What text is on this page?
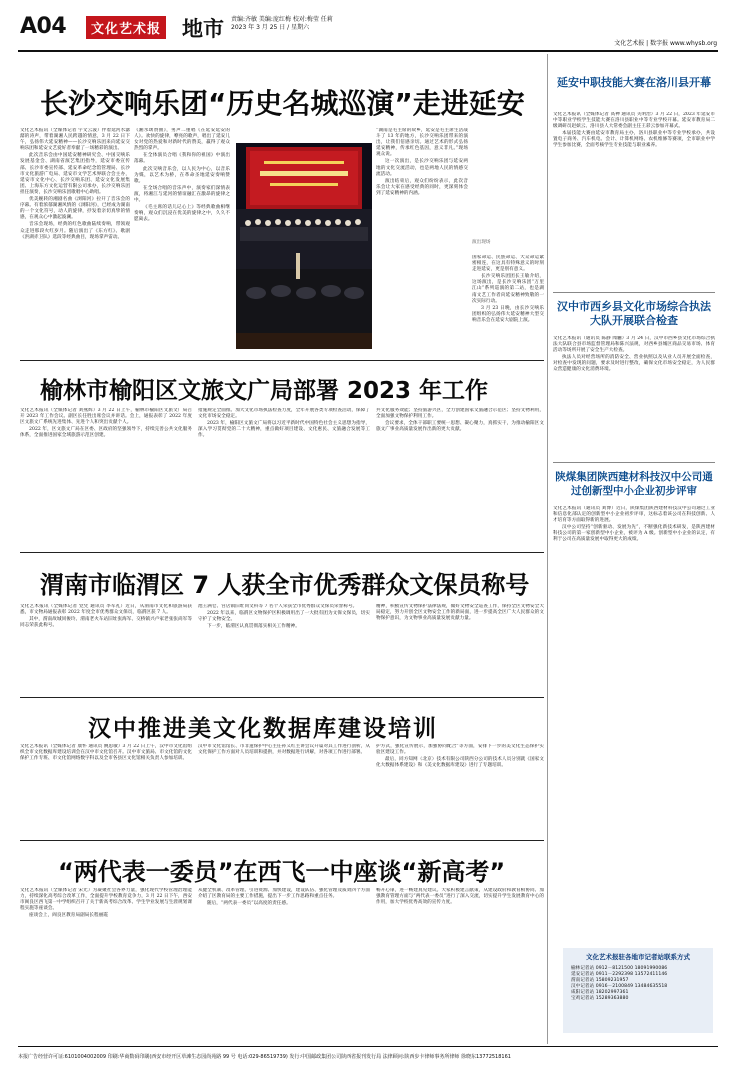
A04	文化艺术报 地市 责编:齐敏 美编:庞红梅 校对:梅莹 任莉
2023 年 3 月 25 日 / 星期六
文化艺术报 | 数字报 www.whysb.org
长沙交响乐团“历史名城巡演”走进延安

文化艺术报讯（全媒体记者 宇文云波）伴着延河水潺潺的涛声，带着湖湘人民跨越的情意，3 月 22 日下午，弘扬伟大延安精神——长沙交响乐团来向延安交响乐团和延安文艺爱好者奉献了一场精彩的演出。

此次音乐会由中国延安精神研究会、中国交响乐发展基金会、湖南省演艺集团指导，延安市委宣传部、长沙市委宣传部、延安革命纪念馆管理局、长沙市文化旅游广电局、延安市文学艺术界联合会主办，延安市文化中心、长沙交响乐团、延安文化发展集团、上海东方文化运营有限公司承办，长沙交响乐团担任演奏，长沙交响乐团歌唱中心助唱。

优美婉转的湘剧名曲《浏阳河》拉开了音乐会的序幕。有着浓郁湖湘风情的《浏阳河》，已经成为湖南的一个文化符号，动人的旋律，抒发着亲切真挚的情感，在观众心中激起波澜。

音乐会现场，经典的红色歌曲陆续奏响，带领观众走进那段火红岁月。随后演出了《东方红》、歌剧《洪湖赤卫队》选段等经典曲目，现场掌声雷动。

《湘水颂赞曲》，男声二重唱《在延安延安的人》。欢快的旋律，嘹亮的歌声，唱出了延安儿女对党的热爱和对新时代的赞美，赢得了观众热烈的掌声。

在全体演员合唱《我和你的祖国》中演出落幕。

此次交响音乐会，以人民为中心，以音乐为媒，以艺术为桥，在革命圣地延安奏响赞歌。

在全场合唱的音乐声中，演奏家们深情表演，将湘江与延河的情谊融汇在激昂的旋律之中。

《毛主席的话儿记心上》等经典歌曲相继奏响，观众们沉浸在优美的旋律之中，久久不愿离去。

“湖南是毛主席的故乡，延安是毛主席生活战斗了 13 年的地方，长沙交响乐团带来的演出，让我们倍感亲切。通过艺术的形式弘扬延安精神，传承红色基因，意义非凡。”现场观众说。

这一次演出，是长沙交响乐团与延安两地的文化交流活动，也是两地人民的情感交流活动。

演出结束后，观众们纷纷表示，此次音乐会让大家在感受经典的同时，更深刻体会到了延安精神的内涵。

国家命运、民族命运、大众命运紧密相连，在这具有特殊意义的时刻走进延安，更是别有意义。

长沙交响乐团团长王敏介绍，这场演出，是长沙交响乐团“万里江山”系列巡演的第二站，也是湖南文艺工作者向延安精神致敬的一次实际行动。

3 月 23 日晚，由长沙交响乐团组织的弘扬伟大延安精神大型交响音乐会在延安大剧院上演。

演出现场
榆林市榆阳区文旅文广局部署 2023 年工作

文化艺术报讯（全媒体记者 刘燕辉）3 月 22 日上午，榆林市榆阳区文旅文广局召开 2023 年工作会议。副区长任胜出席会议并讲话。会上，通报表彰了 2022 年度区文旅文广系统先进集体、先进个人和突出贡献个人。

2022 年，区文旅文广局在区委、区政府的坚强领导下，持续完善公共文化服务体系，全面推进国家全域旅游示范区创建。

措施规定全面推。加大文化市场执法检查力度，全年开展各类专项检查活动，保障了文化市场安全稳定。

2023 年，榆阳区文旅文广局将以习近平新时代中国特色社会主义思想为指导，深入学习贯彻党的二十大精神，重点做好项目建设、文化惠民、文旅融合发展等工作。

共文化服务效能；坚持旅游兴区，全力创建国家文旅融合示范区；坚持文物利用，全面加强文物保护利用工作。

会议要求，全体干部职工要统一思想、凝心聚力，真抓实干，为推动榆阳区文旅文广事业高质量发展作出新的更大贡献。

渭南市临渭区 7 人获全市优秀群众文保员称号

文化艺术报讯（全媒体记者 党凭 通讯员 李军礼）近日，从渭南市文化和旅游局获悉，市文物局通报表彰 2022 年度全市优秀群众文保员，临渭区获 7 人。

其中，渭南故城同俊玲、渭南老火车站旧址张海军、交桥镇兴卢家老张张尚军等同志荣获此称号。

池王满仓、宫店镇旧址同文科等 7 名个人荣获全市优秀群众文保员荣誉称号。

2022 年以来，临渭区文物保护区积极调用出了一大批有团为文保文保员，切实守护了文物安全。

下一步，临渭区认真贯彻落实相关工作精神。

精神，积极宣传文物保护法律法规，做好文物安全巡查工作，保持全区文物安全大局稳定，努力开创全区文物安全工作的新局面，进一步提高全区广大人民群众的文物保护意识，为文物事业高质量发展贡献力量。

汉中推进美文化数据库建设培训

文化艺术报讯（全媒体记者 康怀 通讯员 姚思敏）3 月 22 日上午，汉中市文化馆组织全市文化数据库建设培训会在汉中市文化馆召开。汉中市文旅局、市文化馆的文化保护工作专班、市文化馆网络数字科以及全市各县区文化馆相关负责人参加培训。

汉中市文化馆馆长、市非遗保护中心主任孙义红主讲会议开篇对其工作进行剖析，从文化保护工作方面对人员培训和提供，并对数据进行讲解，对各项工作进行部署。

护方式，强化宣传展示，加强协同配合”等方面，安排下一步的美文化生态保护实验区建设工作。

最后，同方知网（北京）技术有限公司陕西分公司的技术人员分别就《国家文化大数据体系建设》和《美文化数据库建设》进行了专题培训。

“两代表一委员”在西飞一中座谈“新高考”

文化艺术报讯（全媒体记者 宋光）为凝聚社会各界力量，强化现代学校管理治理能力，持续深化高考综合改革工作，全面提升学校教育竞争力，3 月 22 日下午，西安市阎良区西飞第一中学组织召开了关于新高考综合改革、学生学业发展与生涯规划课程实施等座谈会。

座谈会上，阎良区教育局副局长程丽霞

从健全机制、改革管理、引进资源、加快建设，建设队伍、强化管理及质效四个方面介绍了区教育局的主要工作措施，提出下一步工作思路和重点任务。

随后，“两代表一委员”以高度的责任感。

畅开心扉，进一畅建真见建议。大家积极建言献策，从建设政府和教育相协同、加强教育管理方面与“两代表一委员”进行了深入交流，切实提升学生发展教育中心的作用，加大学校优秀高效的宣传力度。

延安中职技能大赛在洛川县开幕

文化艺术报讯（全媒体记者 高神 通讯员 关明治）3 月 22 日，2023 年延安市中等职业学校学生技能大赛在洛川县职业中等专业学校开幕。延安市教育局二级调研员赵嫔云、洛川县人大常委会副主任王彩云参加开幕式。

本届技能大赛由延安市教育局主办，洛川县职业中等专业学校承办，共设置电子商务、汽车机电、会计、计算机网络、农机维修等赛项，全市职业中学学生参加比赛，全面考核学生专业技能与职业素养。

汉中市西乡县文化市场综合执法大队开展联合检查

文化艺术报讯（通讯员 陈静 闻骊）3 月 24 日，汉中市西乡县文化市场综合执法大队联合县市场监督管理局和陈兴法规，对西乡县城区商品交易市场、体育活动等场所开展了安全生产大检查。

执法人员对经营场所的消防安全、营业执照以及从业人员开展全面检查，对检查中发现的问题，要求及时进行整改，确保文化市场安全稳定，为人民群众营造健康的文化消费环境。

陕煤集团陕西建材科技汉中公司通过创新型中小企业初步评审

文化艺术报讯（通讯员 刘博）近日，陕煤集团陕西建材科技汉中公司通过工业和信息化部认定的创新型中小企业初步评审，这标志着该公司在科技创新、人才培育等方面取得新的进展。

汉中公司坚持“创新驱动、发展为先”，不断强化新技术研发，是陕西建材科技公司的第一家创新型中小企业，被评为 A 级。创新型中小企业的认定，有利于公司在高质量发展中取得更大的成绩。

文化艺术报驻各地市记者站联系方式
榆林记者站 0912－8121500 18091990086
延安记者站 0911－2292398 13572411146
渭南记者站 15809231957
汉中记者站 0916－2100849 13484635518
咸阳记者站 18202997361
宝鸡记者站 15289363880
本报广告经营许可证:6101004002009 印刷:华商数码印刷(西安市经开区草滩生态园尚苑路 99 号 电话:029-86519739) 发行:中国邮政集团公司陕西省报刊发行局 法律顾问:陕西步卡律师事务所律师 徐晓东13772518161
